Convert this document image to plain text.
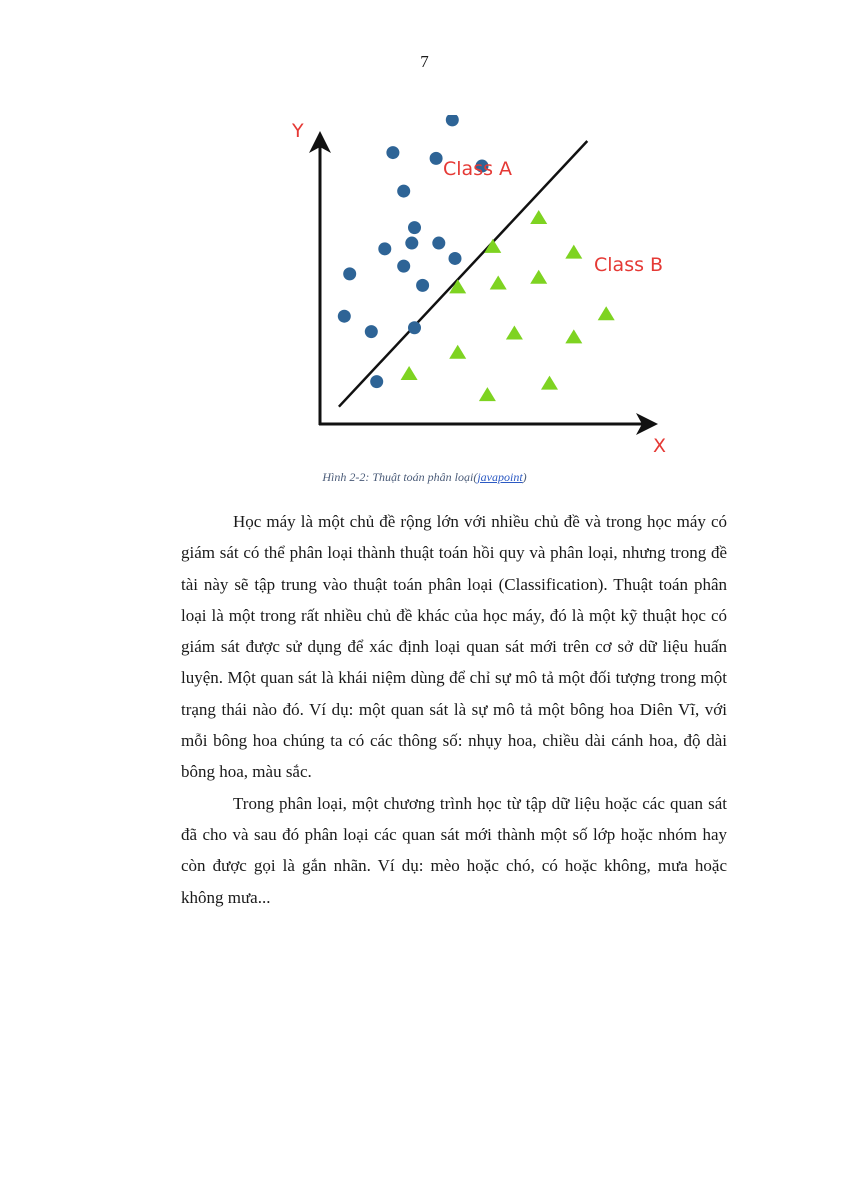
7
Y
X
Class A
Class B
Hình 2-2: Thuật toán phân loại(javapoint)

Học máy là một chủ đề rộng lớn với nhiều chủ đề và trong học máy có giám sát có thể phân loại thành thuật toán hồi quy và phân loại, nhưng trong đề tài này sẽ tập trung vào thuật toán phân loại (Classification). Thuật toán phân loại là một trong rất nhiều chủ đề khác của học máy, đó là một kỹ thuật học có giám sát được sử dụng để xác định loại quan sát mới trên cơ sở dữ liệu huấn luyện. Một quan sát là khái niệm dùng để chỉ sự mô tả một đối tượng trong một trạng thái nào đó. Ví dụ: một quan sát là sự mô tả một bông hoa Diên Vĩ, với mỗi bông hoa chúng ta có các thông số: nhụy hoa, chiều dài cánh hoa, độ dài bông hoa, màu sắc.

Trong phân loại, một chương trình học từ tập dữ liệu hoặc các quan sát đã cho và sau đó phân loại các quan sát mới thành một số lớp hoặc nhóm hay còn được gọi là gắn nhãn. Ví dụ: mèo hoặc chó, có hoặc không, mưa hoặc không mưa...
